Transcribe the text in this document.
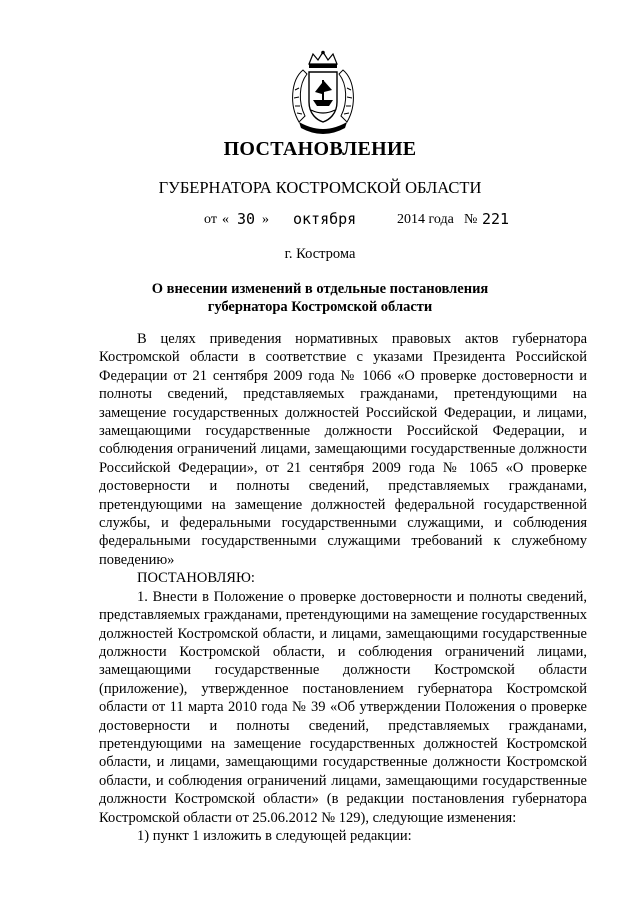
ПОСТАНОВЛЕНИЕ
ГУБЕРНАТОРА КОСТРОМСКОЙ ОБЛАСТИ
от « 30 » октября	2014 года № 221
г. Кострома
О внесении изменений в отдельные постановления
губернатора Костромской области

В целях приведения нормативных правовых актов губернатора Костромской области в соответствие с указами Президента Российской Федерации от 21 сентября 2009 года № 1066 «О проверке достоверности и полноты сведений, представляемых гражданами, претендующими на замещение государственных должностей Российской Федерации, и лицами, замещающими государственные должности Российской Федерации, и соблюдения ограничений лицами, замещающими государственные должности Российской Федерации», от 21 сентября 2009 года № 1065 «О проверке достоверности и полноты сведений, представляемых гражданами, претендующими на замещение должностей федеральной государственной службы, и федеральными государственными служащими, и соблюдения федеральными государственными служащими требований к служебному поведению»

ПОСТАНОВЛЯЮ:

1. Внести в Положение о проверке достоверности и полноты сведений, представляемых гражданами, претендующими на замещение государственных должностей Костромской области, и лицами, замещающими государственные должности Костромской области, и соблюдения ограничений лицами, замещающими государственные должности Костромской области (приложение), утвержденное постановлением губернатора Костромской области от 11 марта 2010 года № 39 «Об утверждении Положения о проверке достоверности и полноты сведений, представляемых гражданами, претендующими на замещение государственных должностей Костромской области, и лицами, замещающими государственные должности Костромской области, и соблюдения ограничений лицами, замещающими государственные должности Костромской области» (в редакции постановления губернатора Костромской области от 25.06.2012 № 129), следующие изменения:

1) пункт 1 изложить в следующей редакции:
